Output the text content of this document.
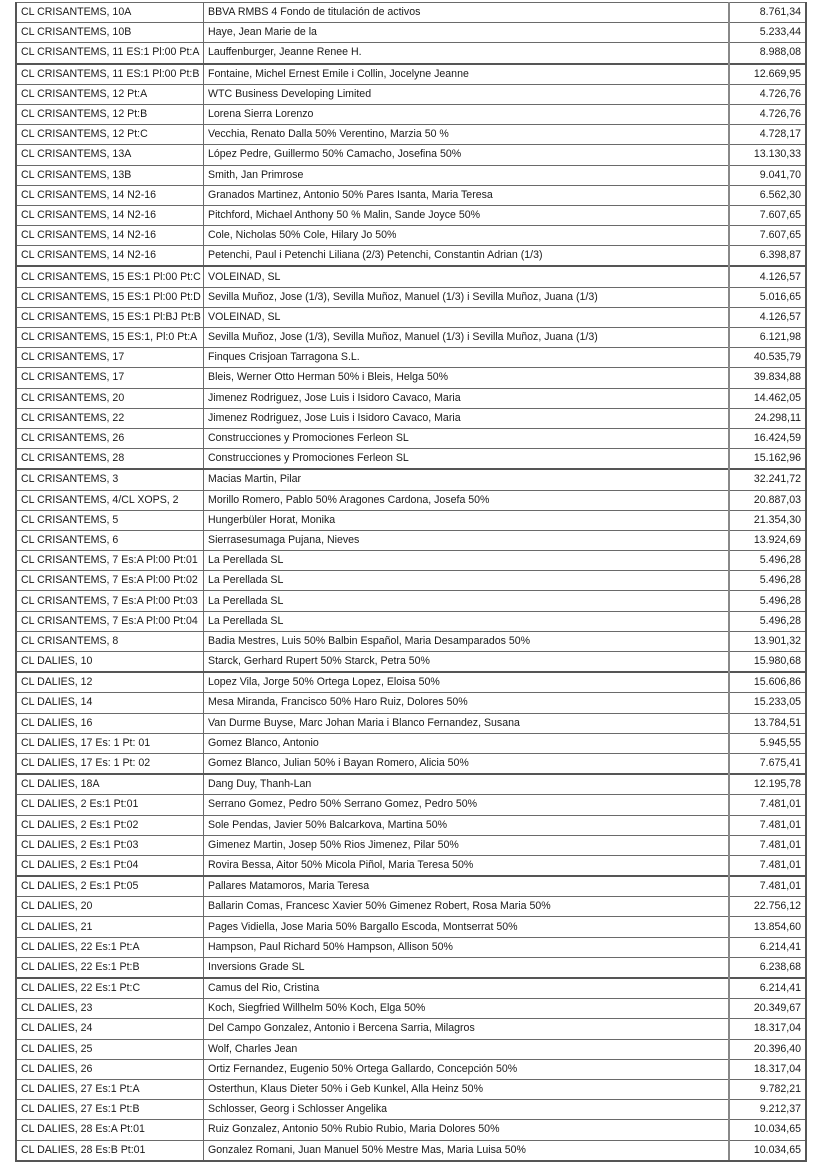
CL CRISANTEMS, 10A	BBVA RMBS 4 Fondo de titulación de activos	8.761,34
CL CRISANTEMS, 10B	Haye, Jean Marie de la	5.233,44
CL CRISANTEMS, 11 ES:1 Pl:00 Pt:A	Lauffenburger, Jeanne Renee H.	8.988,08
CL CRISANTEMS, 11 ES:1 Pl:00 Pt:B	Fontaine, Michel Ernest Emile i Collin, Jocelyne Jeanne	12.669,95
CL CRISANTEMS, 12 Pt:A	WTC Business Developing Limited	4.726,76
CL CRISANTEMS, 12 Pt:B	Lorena Sierra Lorenzo	4.726,76
CL CRISANTEMS, 12 Pt:C	Vecchia, Renato Dalla 50% Verentino, Marzia 50 %	4.728,17
CL CRISANTEMS, 13A	López Pedre, Guillermo 50% Camacho, Josefina 50%	13.130,33
CL CRISANTEMS, 13B	Smith, Jan Primrose	9.041,70
CL CRISANTEMS, 14 N2-16	Granados Martinez, Antonio 50% Pares Isanta, Maria Teresa	6.562,30
CL CRISANTEMS, 14 N2-16	Pitchford, Michael Anthony 50 % Malin, Sande Joyce 50%	7.607,65
CL CRISANTEMS, 14 N2-16	Cole, Nicholas 50% Cole, Hilary Jo 50%	7.607,65
CL CRISANTEMS, 14 N2-16	Petenchi, Paul i Petenchi Liliana (2/3) Petenchi, Constantin Adrian (1/3)	6.398,87
CL CRISANTEMS, 15 ES:1 Pl:00 Pt:C	VOLEINAD, SL	4.126,57
CL CRISANTEMS, 15 ES:1 Pl:00 Pt:D	Sevilla Muñoz, Jose (1/3), Sevilla Muñoz, Manuel (1/3) i Sevilla Muñoz, Juana (1/3)	5.016,65
CL CRISANTEMS, 15 ES:1 Pl:BJ Pt:B	VOLEINAD, SL	4.126,57
CL CRISANTEMS, 15 ES:1, Pl:0 Pt:A	Sevilla Muñoz, Jose (1/3), Sevilla Muñoz, Manuel (1/3) i Sevilla Muñoz, Juana (1/3)	6.121,98
CL CRISANTEMS, 17	Finques Crisjoan Tarragona S.L.	40.535,79
CL CRISANTEMS, 17	Bleis, Werner Otto Herman 50% i Bleis, Helga 50%	39.834,88
CL CRISANTEMS, 20	Jimenez Rodriguez, Jose Luis i Isidoro Cavaco, Maria	14.462,05
CL CRISANTEMS, 22	Jimenez Rodriguez, Jose Luis i Isidoro Cavaco, Maria	24.298,11
CL CRISANTEMS, 26	Construcciones y Promociones Ferleon SL	16.424,59
CL CRISANTEMS, 28	Construcciones y Promociones Ferleon SL	15.162,96
CL CRISANTEMS, 3	Macias Martin, Pilar	32.241,72
CL CRISANTEMS, 4/CL XOPS, 2	Morillo Romero, Pablo 50% Aragones Cardona, Josefa 50%	20.887,03
CL CRISANTEMS, 5	Hungerbüler Horat, Monika	21.354,30
CL CRISANTEMS, 6	Sierrasesumaga Pujana, Nieves	13.924,69
CL CRISANTEMS, 7 Es:A Pl:00 Pt:01	La Perellada SL	5.496,28
CL CRISANTEMS, 7 Es:A Pl:00 Pt:02	La Perellada SL	5.496,28
CL CRISANTEMS, 7 Es:A Pl:00 Pt:03	La Perellada SL	5.496,28
CL CRISANTEMS, 7 Es:A Pl:00 Pt:04	La Perellada SL	5.496,28
CL CRISANTEMS, 8	Badia Mestres, Luis 50% Balbin Español, Maria Desamparados 50%	13.901,32
CL DALIES, 10	Starck, Gerhard Rupert 50% Starck, Petra 50%	15.980,68
CL DALIES, 12	Lopez Vila, Jorge 50% Ortega Lopez, Eloisa 50%	15.606,86
CL DALIES, 14	Mesa Miranda, Francisco 50% Haro Ruiz, Dolores 50%	15.233,05
CL DALIES, 16	Van Durme Buyse, Marc Johan Maria i Blanco Fernandez, Susana	13.784,51
CL DALIES, 17 Es: 1 Pt: 01	Gomez Blanco, Antonio	5.945,55
CL DALIES, 17 Es: 1 Pt: 02	Gomez Blanco, Julian 50% i Bayan Romero, Alicia 50%	7.675,41
CL DALIES, 18A	Dang Duy, Thanh-Lan	12.195,78
CL DALIES, 2 Es:1 Pt:01	Serrano Gomez, Pedro 50% Serrano Gomez, Pedro 50%	7.481,01
CL DALIES, 2 Es:1 Pt:02	Sole Pendas, Javier 50% Balcarkova, Martina 50%	7.481,01
CL DALIES, 2 Es:1 Pt:03	Gimenez Martin, Josep 50% Rios Jimenez, Pilar 50%	7.481,01
CL DALIES, 2 Es:1 Pt:04	Rovira Bessa, Aitor 50% Micola Piñol, Maria Teresa 50%	7.481,01
CL DALIES, 2 Es:1 Pt:05	Pallares Matamoros, Maria Teresa	7.481,01
CL DALIES, 20	Ballarin Comas, Francesc Xavier 50% Gimenez Robert, Rosa Maria 50%	22.756,12
CL DALIES, 21	Pages Vidiella, Jose Maria 50% Bargallo Escoda, Montserrat 50%	13.854,60
CL DALIES, 22 Es:1 Pt:A	Hampson, Paul Richard 50% Hampson, Allison 50%	6.214,41
CL DALIES, 22 Es:1 Pt:B	Inversions Grade SL	6.238,68
CL DALIES, 22 Es:1 Pt:C	Camus del Rio, Cristina	6.214,41
CL DALIES, 23	Koch, Siegfried Willhelm 50% Koch, Elga 50%	20.349,67
CL DALIES, 24	Del Campo Gonzalez, Antonio i Bercena Sarria, Milagros	18.317,04
CL DALIES, 25	Wolf, Charles Jean	20.396,40
CL DALIES, 26	Ortiz Fernandez, Eugenio 50% Ortega Gallardo, Concepción 50%	18.317,04
CL DALIES, 27 Es:1 Pt:A	Osterthun, Klaus Dieter 50% i Geb Kunkel, Alla Heinz 50%	9.782,21
CL DALIES, 27 Es:1 Pt:B	Schlosser, Georg i Schlosser Angelika	9.212,37
CL DALIES, 28 Es:A Pt:01	Ruiz Gonzalez, Antonio 50% Rubio Rubio, Maria Dolores 50%	10.034,65
CL DALIES, 28 Es:B Pt:01	Gonzalez Romani, Juan Manuel 50% Mestre Mas, Maria Luisa 50%	10.034,65
